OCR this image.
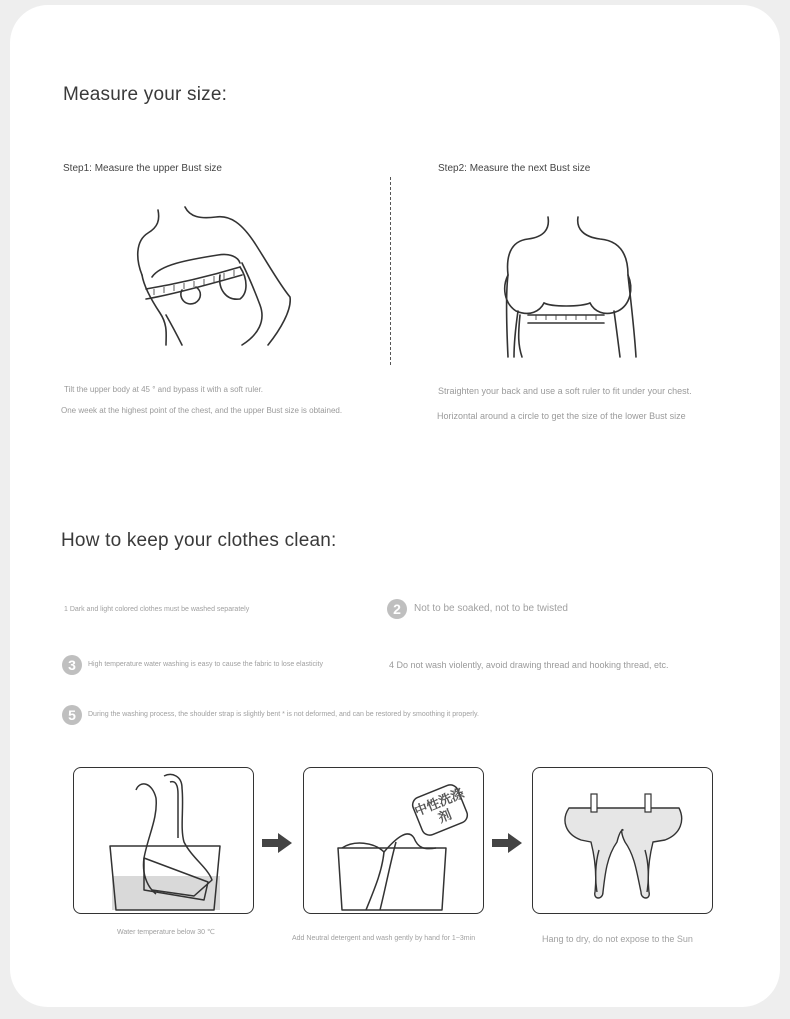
Measure your size:
Step1: Measure the upper Bust size	Step2: Measure the next Bust size
Tilt the upper body at 45 ° and bypass it with a soft ruler.
One week at the highest point of the chest, and the upper Bust size is obtained.
Straighten your back and use a soft ruler to fit under your chest.
Horizontal around a circle to get the size of the lower Bust size
How to keep your clothes clean:
1 Dark and light colored clothes must be washed separately	2	Not to be soaked, not to be twisted
3	High temperature water washing is easy to cause the fabric to lose elasticity	4 Do not wash violently, avoid drawing thread and hooking thread, etc.
5	During the washing process, the shoulder strap is slightly bent * is not deformed, and can be restored by smoothing it properly.
中性洗涤剂
Water temperature below 30 ℃
Add Neutral detergent and wash gently by hand for 1~3min	Hang to dry, do not expose to the Sun
